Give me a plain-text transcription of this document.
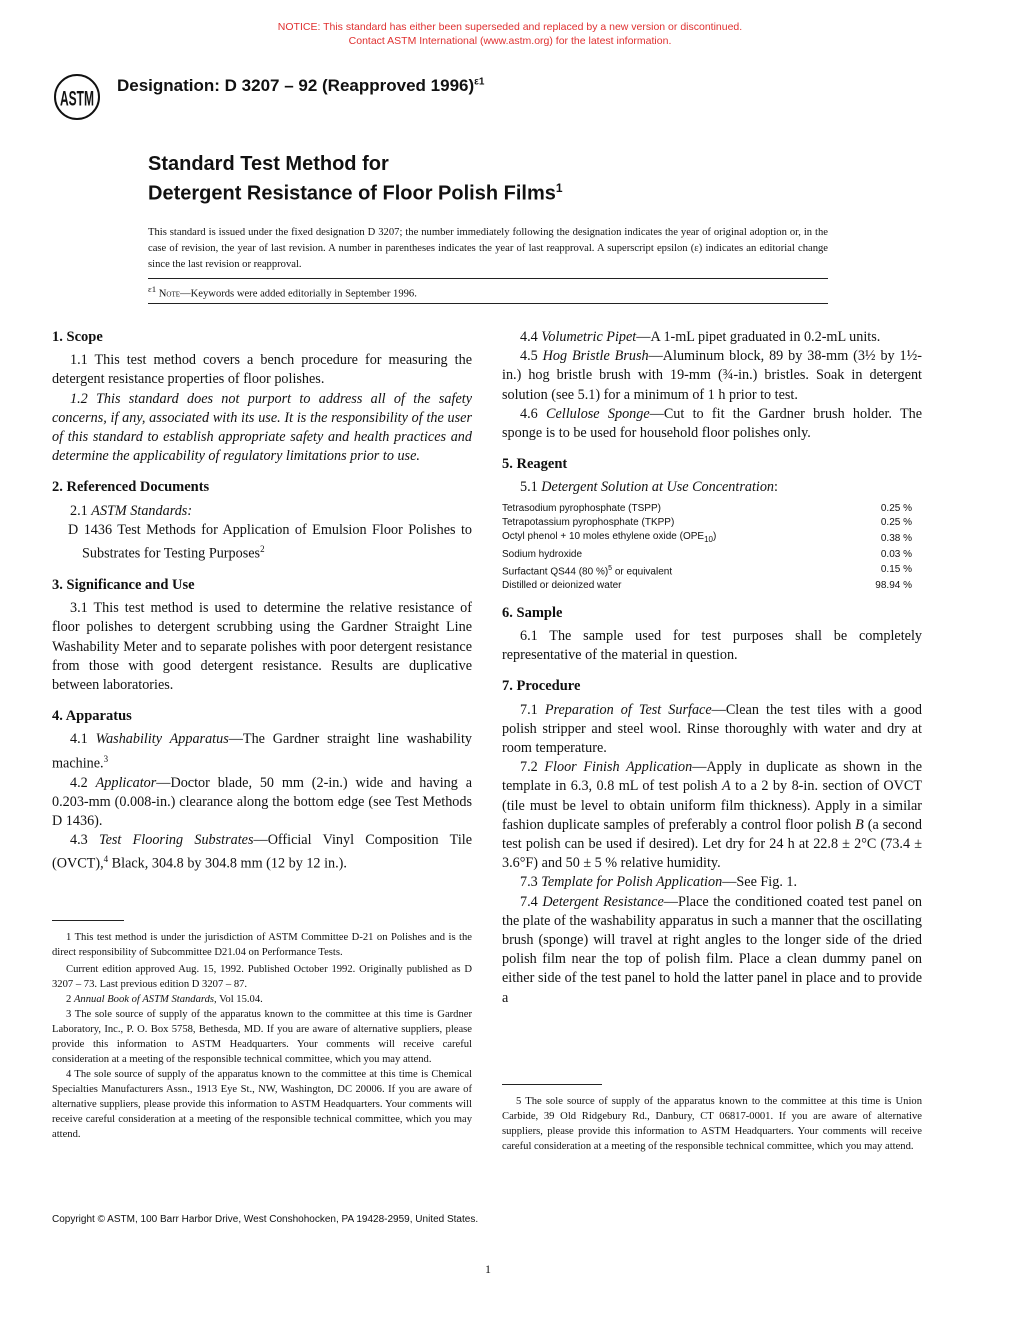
NOTICE: This standard has either been superseded and replaced by a new version or discontinued.
Contact ASTM International (www.astm.org) for the latest information.
ASTM
Designation: D 3207 – 92 (Reapproved 1996)$^{\varepsilon 1}$
Standard Test Method for
Detergent Resistance of Floor Polish Films$^1$
This standard is issued under the fixed designation D 3207; the number immediately following the designation indicates the year of original adoption or, in the case of revision, the year of last revision. A number in parentheses indicates the year of last reapproval. A superscript epsilon (ε) indicates an editorial change since the last revision or reapproval.
$^{\varepsilon 1}$ Note—Keywords were added editorially in September 1996.
1. Scope

1.1 This test method covers a bench procedure for measuring the detergent resistance properties of floor polishes.

1.2 This standard does not purport to address all of the safety concerns, if any, associated with its use. It is the responsibility of the user of this standard to establish appropriate safety and health practices and determine the applicability of regulatory limitations prior to use.

2. Referenced Documents

2.1 ASTM Standards:

D 1436 Test Methods for Application of Emulsion Floor Polishes to Substrates for Testing Purposes$^2$

3. Significance and Use

3.1 This test method is used to determine the relative resistance of floor polishes to detergent scrubbing using the Gardner Straight Line Washability Meter and to separate polishes with poor detergent resistance from those with good detergent resistance. Results are duplicative between laboratories.

4. Apparatus

4.1 Washability Apparatus—The Gardner straight line washability machine.$^3$

4.2 Applicator—Doctor blade, 50 mm (2-in.) wide and having a 0.203-mm (0.008-in.) clearance along the bottom edge (see Test Methods D 1436).

4.3 Test Flooring Substrates—Official Vinyl Composition Tile (OVCT),$^4$ Black, 304.8 by 304.8 mm (12 by 12 in.).

1 This test method is under the jurisdiction of ASTM Committee D-21 on Polishes and is the direct responsibility of Subcommittee D21.04 on Performance Tests.

Current edition approved Aug. 15, 1992. Published October 1992. Originally published as D 3207 – 73. Last previous edition D 3207 – 87.

2 Annual Book of ASTM Standards, Vol 15.04.

3 The sole source of supply of the apparatus known to the committee at this time is Gardner Laboratory, Inc., P. O. Box 5758, Bethesda, MD. If you are aware of alternative suppliers, please provide this information to ASTM Headquarters. Your comments will receive careful consideration at a meeting of the responsible technical committee, which you may attend.

4 The sole source of supply of the apparatus known to the committee at this time is Chemical Specialties Manufacturers Assn., 1913 Eye St., NW, Washington, DC 20006. If you are aware of alternative suppliers, please provide this information to ASTM Headquarters. Your comments will receive careful consideration at a meeting of the responsible technical committee, which you may attend.

4.4 Volumetric Pipet—A 1-mL pipet graduated in 0.2-mL units.

4.5 Hog Bristle Brush—Aluminum block, 89 by 38-mm (3½ by 1½-in.) hog bristle brush with 19-mm (¾-in.) bristles. Soak in detergent solution (see 5.1) for a minimum of 1 h prior to test.

4.6 Cellulose Sponge—Cut to fit the Gardner brush holder. The sponge is to be used for household floor polishes only.

5. Reagent

5.1 Detergent Solution at Use Concentration:

Tetrasodium pyrophosphate (TSPP)	0.25 %
Tetrapotassium pyrophosphate (TKPP)	0.25 %
Octyl phenol + 10 moles ethylene oxide $(OPE_{10})$	0.38 %
Sodium hydroxide	0.03 %
Surfactant QS44 (80 %)$^5$ or equivalent	0.15 %
Distilled or deionized water	98.94 %
6. Sample

6.1 The sample used for test purposes shall be completely representative of the material in question.

7. Procedure

7.1 Preparation of Test Surface—Clean the test tiles with a good polish stripper and steel wool. Rinse thoroughly with water and dry at room temperature.

7.2 Floor Finish Application—Apply in duplicate as shown in the template in 6.3, 0.8 mL of test polish A to a 2 by 8-in. section of OVCT (tile must be level to obtain uniform film thickness). Apply in a similar fashion duplicate samples of preferably a control floor polish B (a second test polish can be used if desired). Let dry for 24 h at 22.8 ± 2°C (73.4 ± 3.6°F) and 50 ± 5 % relative humidity.

7.3 Template for Polish Application—See Fig. 1.

7.4 Detergent Resistance—Place the conditioned coated test panel on the plate of the washability apparatus in such a manner that the oscillating brush (sponge) will travel at right angles to the longer side of the dried polish film near the top of polish film. Place a clean dummy panel on either side of the test panel to hold the latter panel in place and to provide a

5 The sole source of supply of the apparatus known to the committee at this time is Union Carbide, 39 Old Ridgebury Rd., Danbury, CT 06817-0001. If you are aware of alternative suppliers, please provide this information to ASTM Headquarters. Your comments will receive careful consideration at a meeting of the responsible technical committee, which you may attend.

Copyright © ASTM, 100 Barr Harbor Drive, West Conshohocken, PA 19428-2959, United States.
1
